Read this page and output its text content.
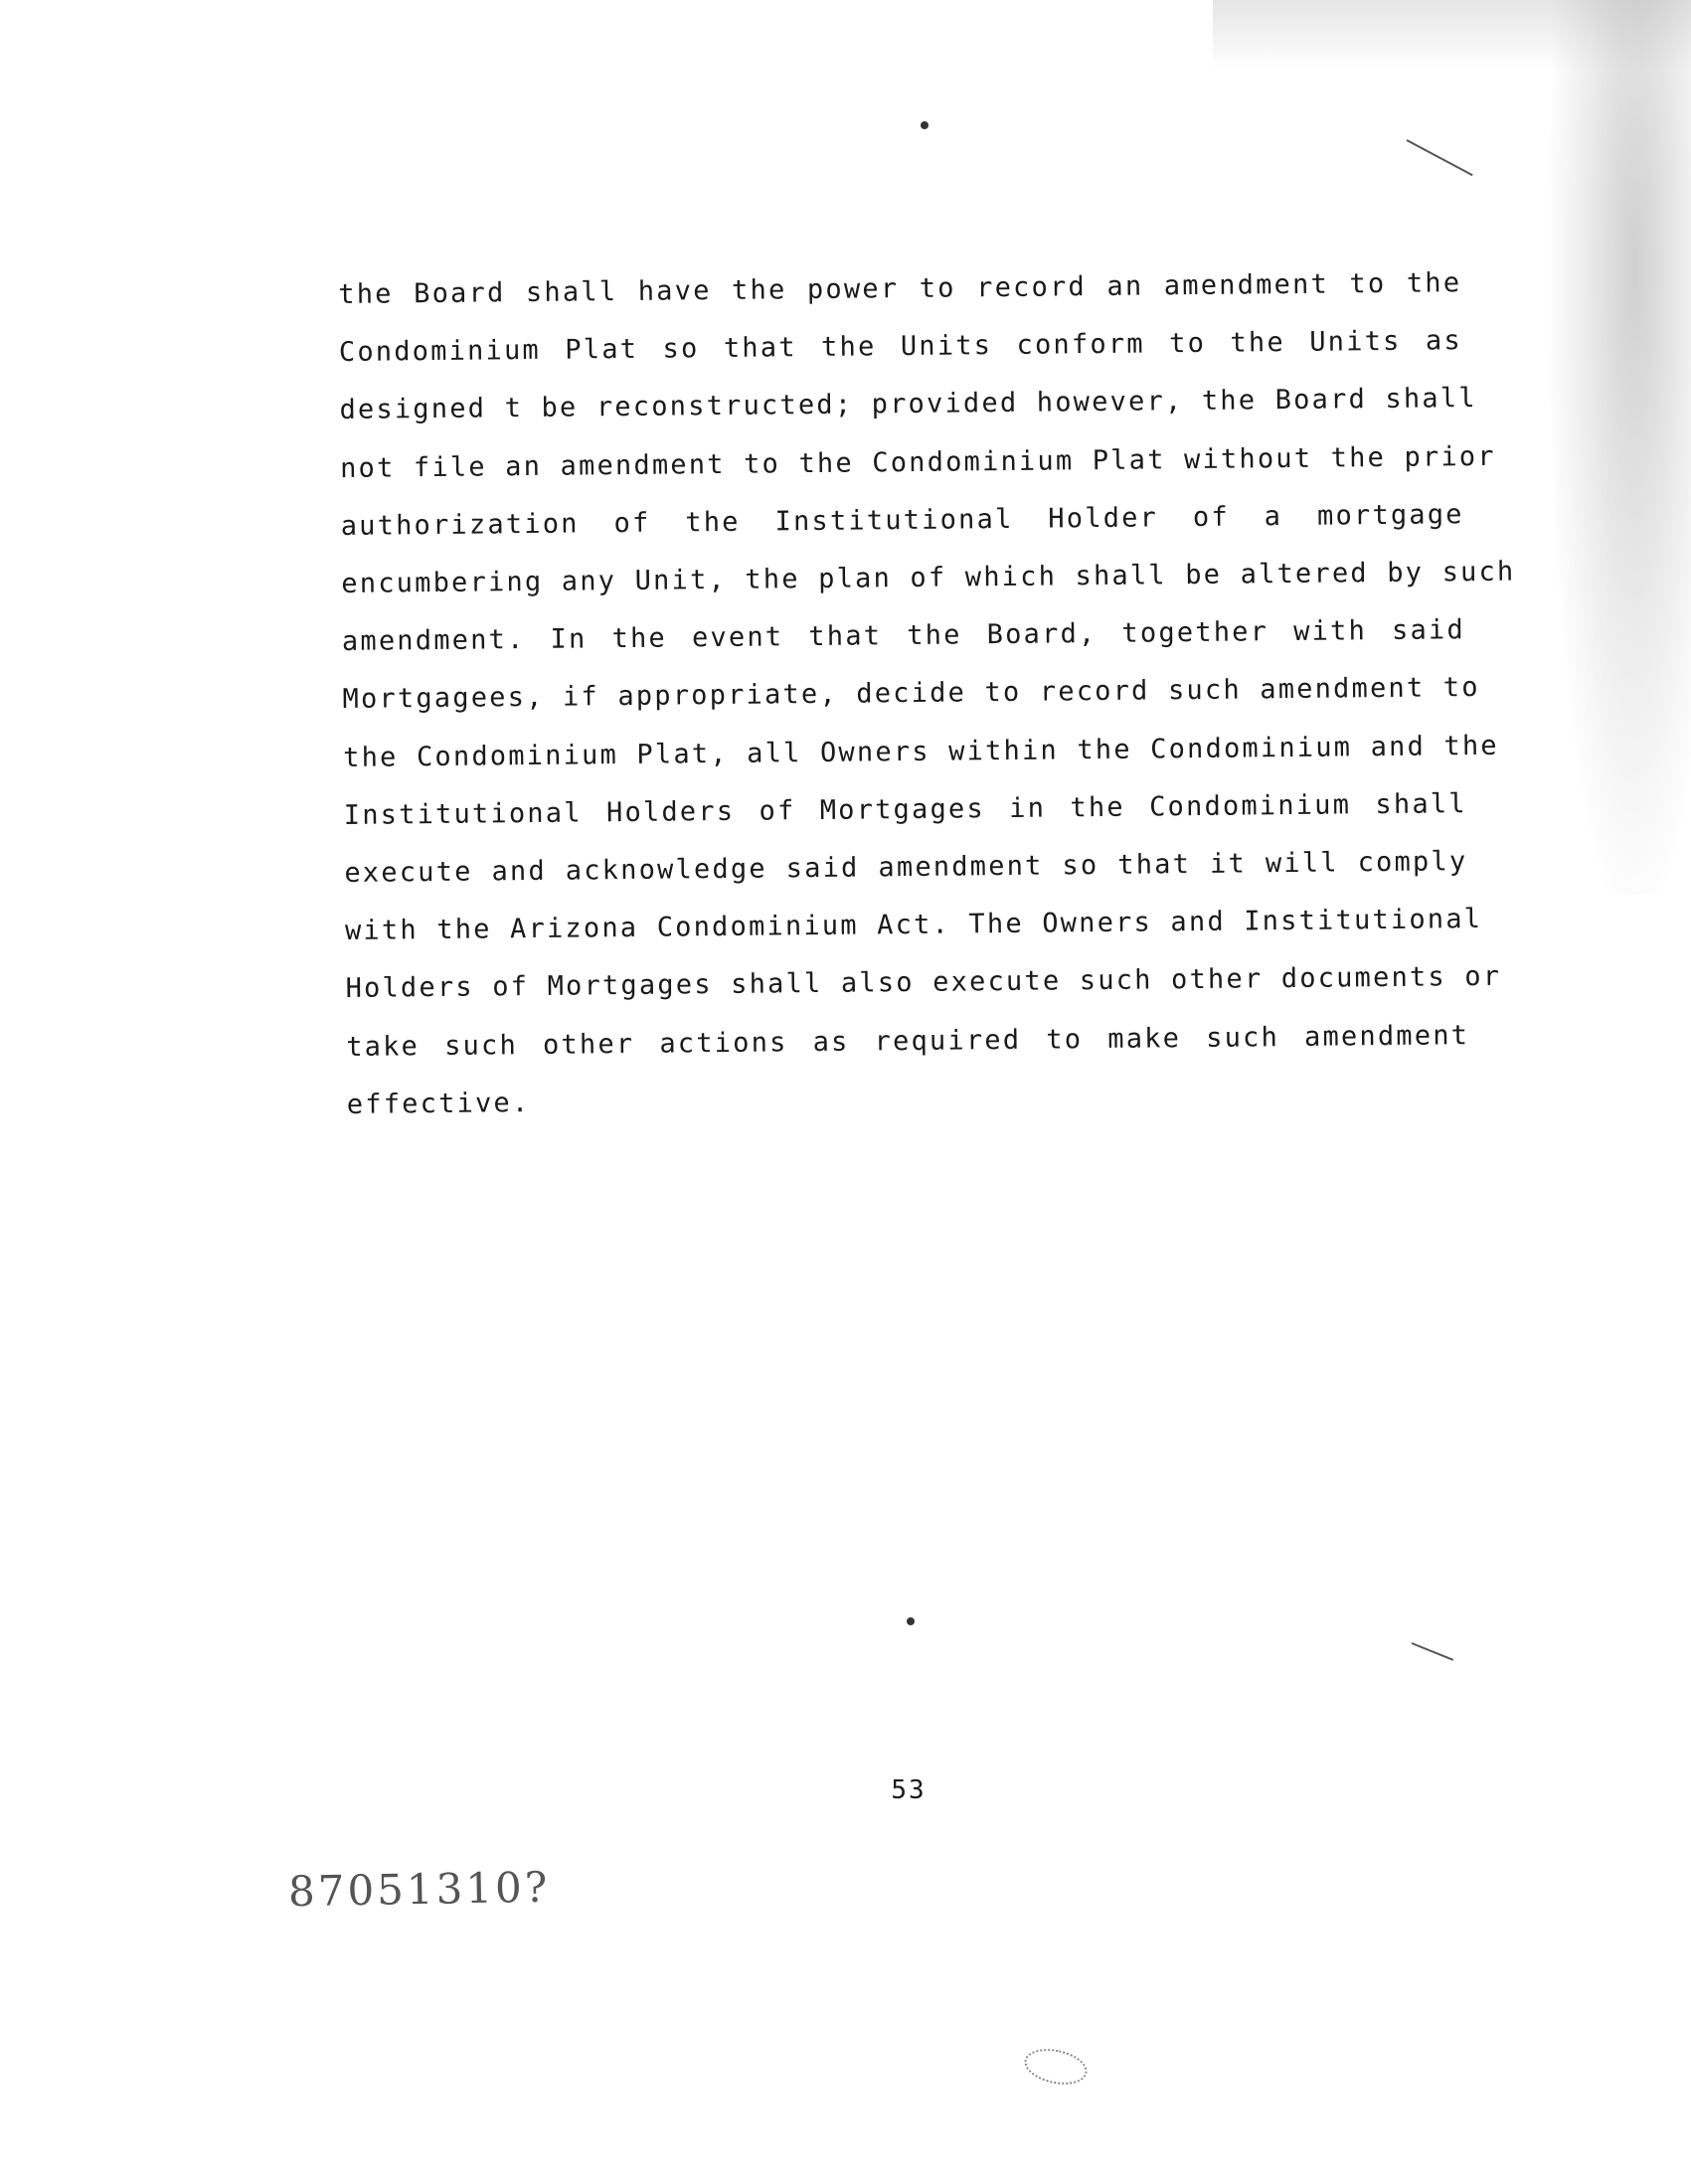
the Board shall have the power to record an amendment to the
Condominium Plat so that the Units conform to the Units as
designed t be reconstructed; provided however, the Board shall
not file an amendment to the Condominium Plat without the prior
authorization of the Institutional Holder of a mortgage
encumbering any Unit, the plan of which shall be altered by such
amendment. In the event that the Board, together with said
Mortgagees, if appropriate, decide to record such amendment to
the Condominium Plat, all Owners within the Condominium and the
Institutional Holders of Mortgages in the Condominium shall
execute and acknowledge said amendment so that it will comply
with the Arizona Condominium Act. The Owners and Institutional
Holders of Mortgages shall also execute such other documents or
take such other actions as required to make such amendment
effective.
53
87051310?
